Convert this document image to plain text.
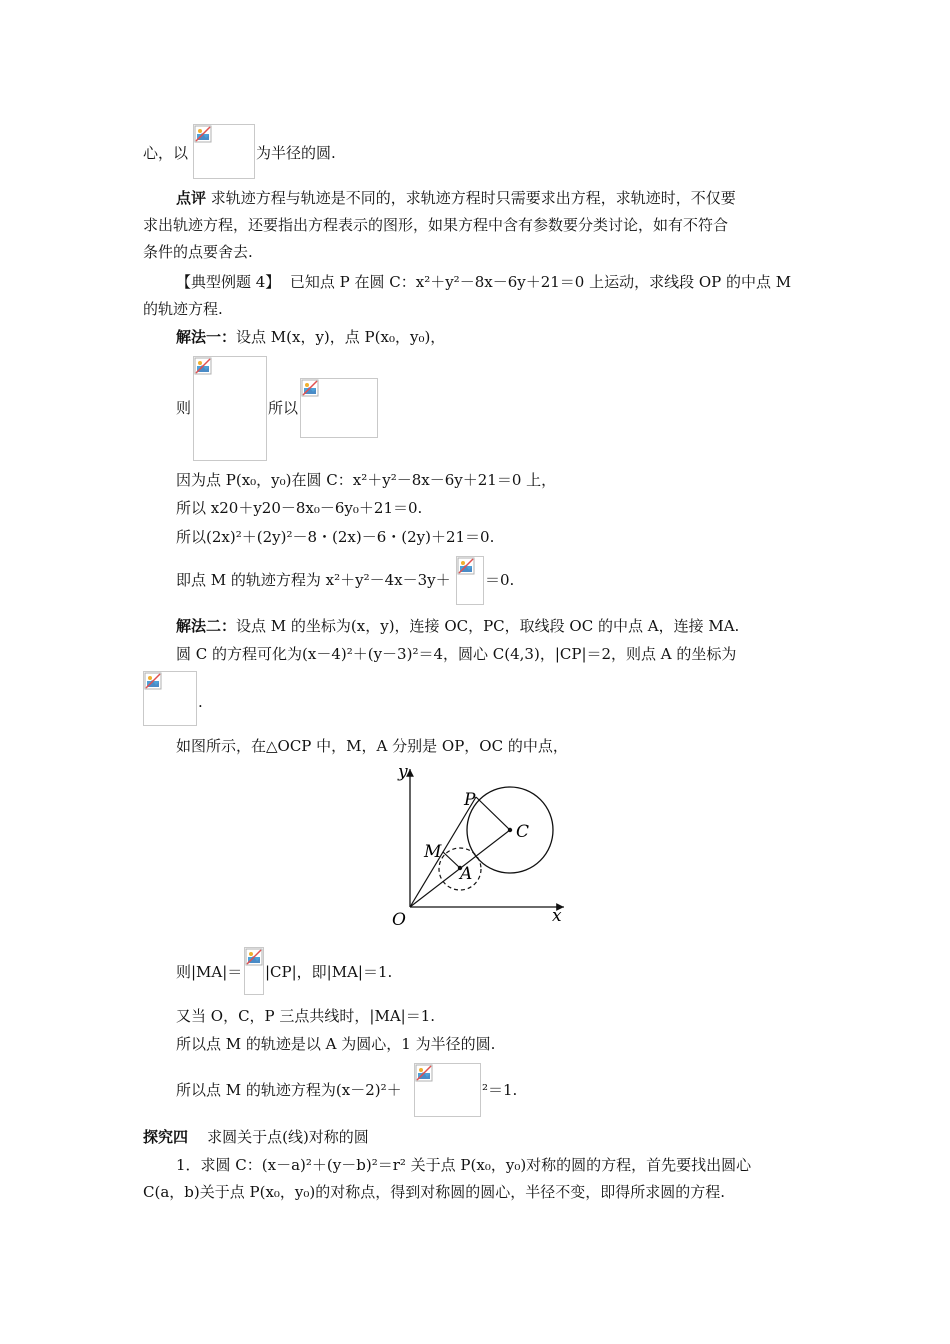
心，以	为半径的圆.
点评 求轨迹方程与轨迹是不同的，求轨迹方程时只需要求出方程，求轨迹时，不仅要
求出轨迹方程，还要指出方程表示的图形，如果方程中含有参数要分类讨论，如有不符合
条件的点要舍去.
【典型例题 4】 已知点 P 在圆 C：x²＋y²－8x－6y＋21＝0 上运动，求线段 OP 的中点 M
的轨迹方程.
解法一：设点 M(x，y)，点 P(x₀，y₀)，
则	所以
因为点 P(x₀，y₀)在圆 C：x²＋y²－8x－6y＋21＝0 上，
所以 x20＋y20－8x₀－6y₀＋21＝0.
所以(2x)²＋(2y)²－8・(2x)－6・(2y)＋21＝0.
即点 M 的轨迹方程为 x²＋y²－4x－3y＋ ＝0.
解法二：设点 M 的坐标为(x，y)，连接 OC，PC，取线段 OC 的中点 A，连接 MA.
圆 C 的方程可化为(x－4)²＋(y－3)²＝4，圆心 C(4,3)，|CP|＝2，则点 A 的坐标为
.
如图所示，在△OCP 中，M，A 分别是 OP，OC 的中点，
y
x
O
P
C
M
A
则|MA|＝ |CP|，即|MA|＝1.
又当 O，C，P 三点共线时，|MA|＝1.
所以点 M 的轨迹是以 A 为圆心，1 为半径的圆.
所以点 M 的轨迹方程为(x－2)²＋	²＝1.
探究四 求圆关于点(线)对称的圆
1．求圆 C：(x－a)²＋(y－b)²＝r² 关于点 P(x₀，y₀)对称的圆的方程，首先要找出圆心
C(a，b)关于点 P(x₀，y₀)的对称点，得到对称圆的圆心，半径不变，即得所求圆的方程.
